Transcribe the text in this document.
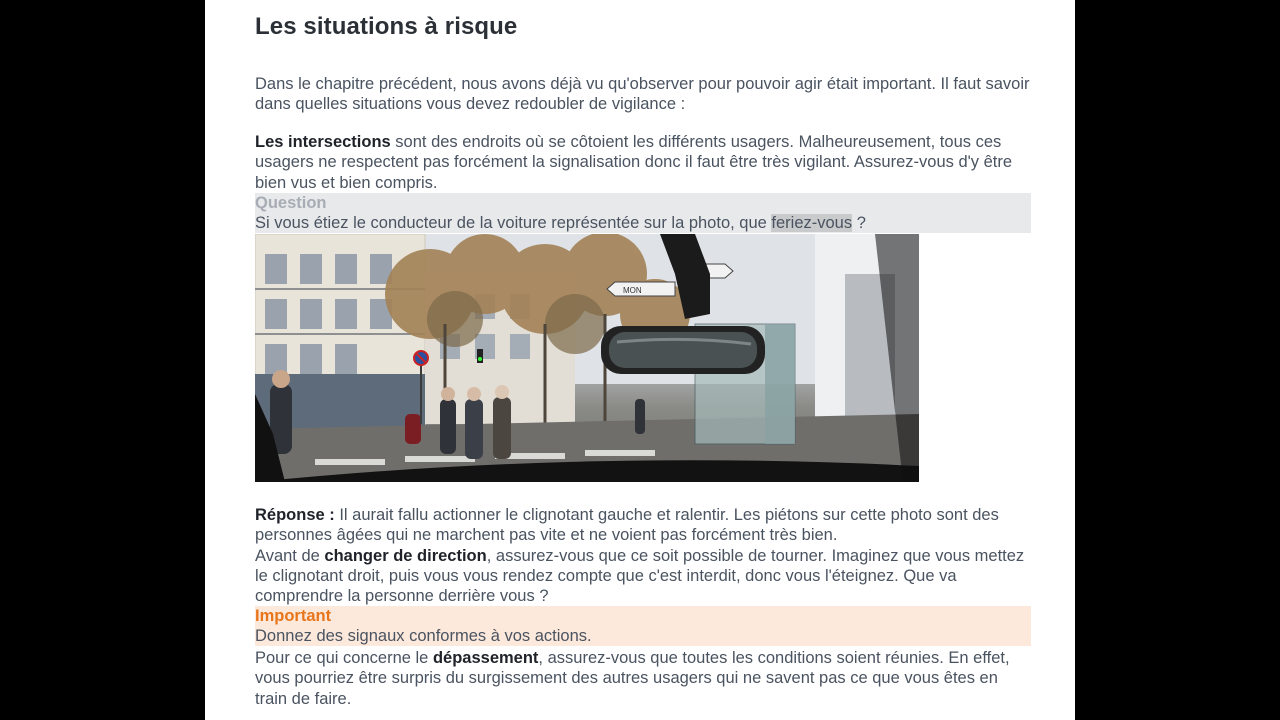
Les situations à risque

Dans le chapitre précédent, nous avons déjà vu qu'observer pour pouvoir agir était important. Il faut savoir dans quelles situations vous devez redoubler de vigilance :

Les intersections sont des endroits où se côtoient les différents usagers. Malheureusement, tous ces usagers ne respectent pas forcément la signalisation donc il faut être très vigilant. Assurez-vous d'y être bien vus et bien compris.

Question
Si vous étiez le conducteur de la voiture représentée sur la photo, que feriez-vous ?
MON

Réponse : Il aurait fallu actionner le clignotant gauche et ralentir. Les piétons sur cette photo sont des personnes âgées qui ne marchent pas vite et ne voient pas forcément très bien.
Avant de changer de direction, assurez-vous que ce soit possible de tourner. Imaginez que vous mettez le clignotant droit, puis vous vous rendez compte que c'est interdit, donc vous l'éteignez. Que va comprendre la personne derrière vous ?

Important
Donnez des signaux conformes à vos actions.

Pour ce qui concerne le dépassement, assurez-vous que toutes les conditions soient réunies. En effet, vous pourriez être surpris du surgissement des autres usagers qui ne savent pas ce que vous êtes en train de faire.
